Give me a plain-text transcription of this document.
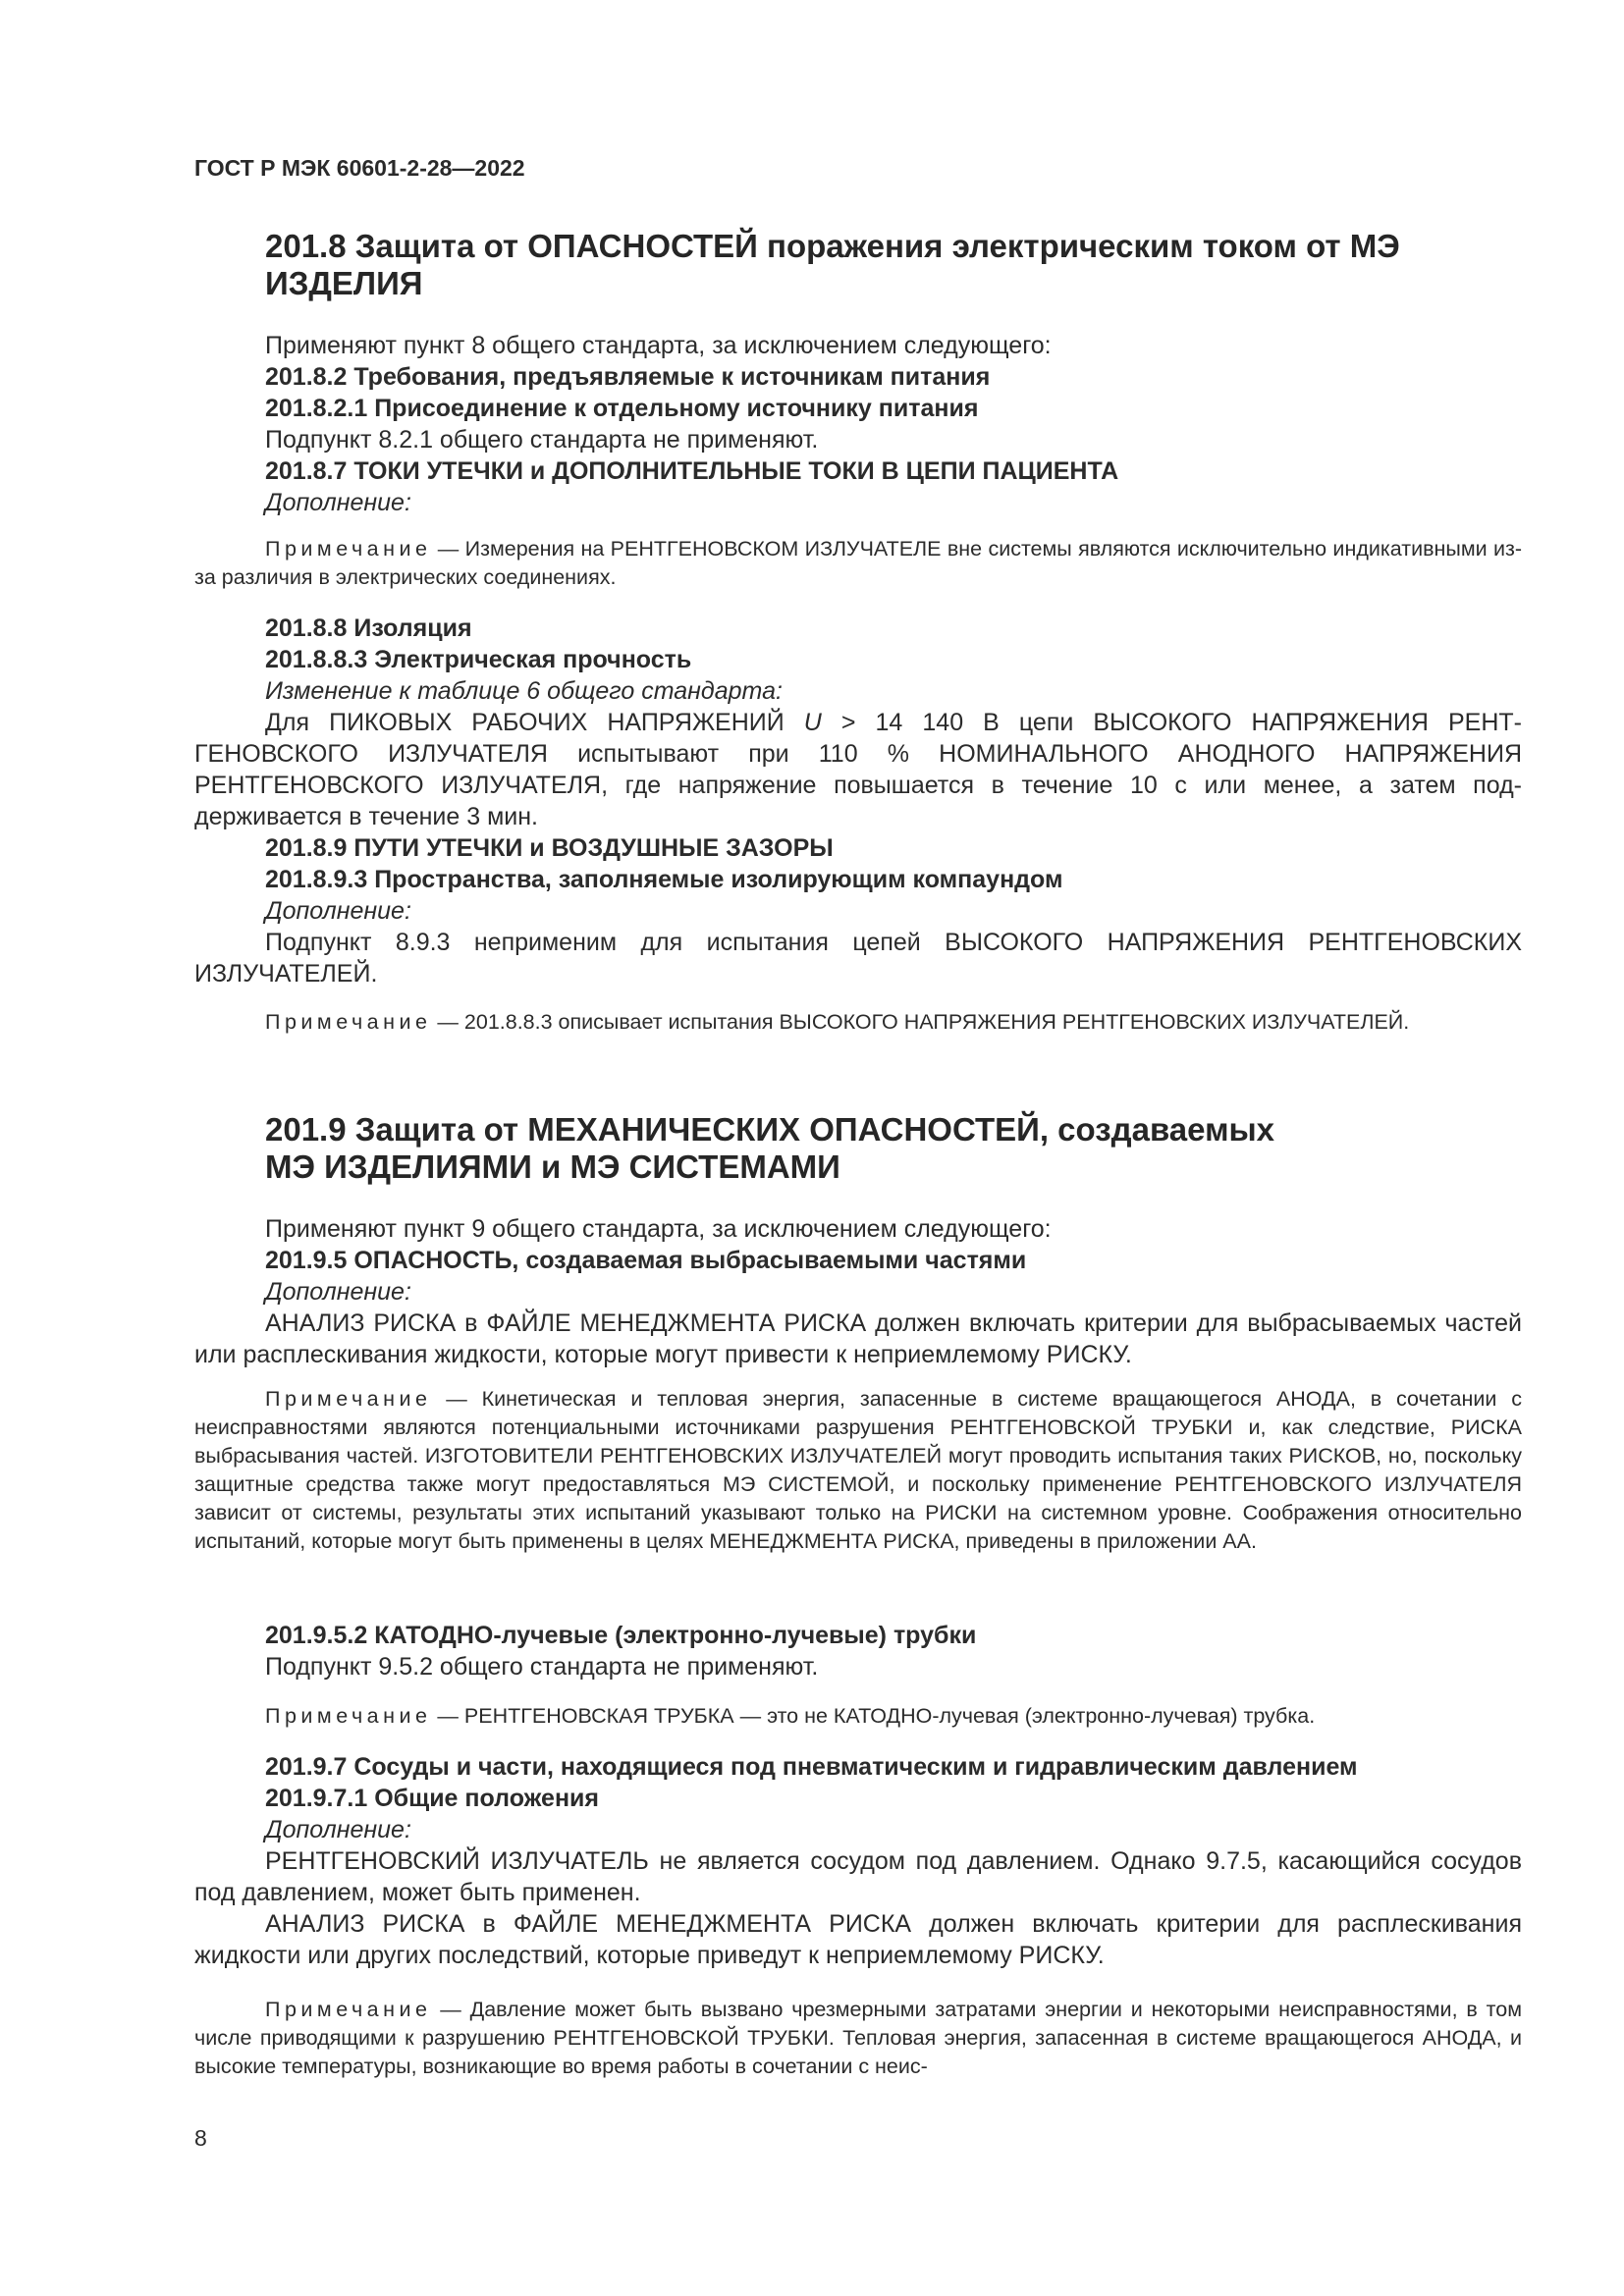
ГОСТ Р МЭК 60601-2-28—2022
201.8 Защита от ОПАСНОСТЕЙ поражения электрическим током от МЭ
ИЗДЕЛИЯ

Применяют пункт 8 общего стандарта, за исключением следующего:

201.8.2 Требования, предъявляемые к источникам питания

201.8.2.1 Присоединение к отдельному источнику питания

Подпункт 8.2.1 общего стандарта не применяют.

201.8.7 ТОКИ УТЕЧКИ и ДОПОЛНИТЕЛЬНЫЕ ТОКИ В ЦЕПИ ПАЦИЕНТА

Дополнение:

Примечание — Измерения на РЕНТГЕНОВСКОМ ИЗЛУЧАТЕЛЕ вне системы являются исключительно индикативными из-за различия в электрических соединениях.

201.8.8 Изоляция

201.8.8.3 Электрическая прочность

Изменение к таблице 6 общего стандарта:

Для ПИКОВЫХ РАБОЧИХ НАПРЯЖЕНИЙ U > 14 140 В цепи ВЫСОКОГО НАПРЯЖЕНИЯ РЕНТГЕНОВСКОГО ИЗЛУЧАТЕЛЯ испытывают при 110 % НОМИНАЛЬНОГО АНОДНОГО НАПРЯЖЕНИЯ РЕНТГЕНОВСКОГО ИЗЛУЧАТЕЛЯ, где напряжение повышается в течение 10 с или менее, а затем поддерживается в течение 3 мин.

201.8.9 ПУТИ УТЕЧКИ и ВОЗДУШНЫЕ ЗАЗОРЫ

201.8.9.3 Пространства, заполняемые изолирующим компаундом

Дополнение:

Подпункт 8.9.3 неприменим для испытания цепей ВЫСОКОГО НАПРЯЖЕНИЯ РЕНТГЕНОВСКИХ ИЗЛУЧАТЕЛЕЙ.

Примечание — 201.8.8.3 описывает испытания ВЫСОКОГО НАПРЯЖЕНИЯ РЕНТГЕНОВСКИХ ИЗЛУЧАТЕЛЕЙ.

201.9 Защита от МЕХАНИЧЕСКИХ ОПАСНОСТЕЙ, создаваемых
МЭ ИЗДЕЛИЯМИ и МЭ СИСТЕМАМИ

Применяют пункт 9 общего стандарта, за исключением следующего:

201.9.5 ОПАСНОСТЬ, создаваемая выбрасываемыми частями

Дополнение:

АНАЛИЗ РИСКА в ФАЙЛЕ МЕНЕДЖМЕНТА РИСКА должен включать критерии для выбрасываемых частей или расплескивания жидкости, которые могут привести к неприемлемому РИСКУ.

Примечание — Кинетическая и тепловая энергия, запасенные в системе вращающегося АНОДА, в сочетании с неисправностями являются потенциальными источниками разрушения РЕНТГЕНОВСКОЙ ТРУБКИ и, как следствие, РИСКА выбрасывания частей. ИЗГОТОВИТЕЛИ РЕНТГЕНОВСКИХ ИЗЛУЧАТЕЛЕЙ могут проводить испытания таких РИСКОВ, но, поскольку защитные средства также могут предоставляться МЭ СИСТЕМОЙ, и поскольку применение РЕНТГЕНОВСКОГО ИЗЛУЧАТЕЛЯ зависит от системы, результаты этих испытаний указывают только на РИСКИ на системном уровне. Соображения относительно испытаний, которые могут быть применены в целях МЕНЕДЖМЕНТА РИСКА, приведены в приложении АА.

201.9.5.2 КАТОДНО-лучевые (электронно-лучевые) трубки

Подпункт 9.5.2 общего стандарта не применяют.

Примечание — РЕНТГЕНОВСКАЯ ТРУБКА — это не КАТОДНО-лучевая (электронно-лучевая) трубка.

201.9.7 Сосуды и части, находящиеся под пневматическим и гидравлическим давлением

201.9.7.1 Общие положения

Дополнение:

РЕНТГЕНОВСКИЙ ИЗЛУЧАТЕЛЬ не является сосудом под давлением. Однако 9.7.5, касающийся сосудов под давлением, может быть применен.

АНАЛИЗ РИСКА в ФАЙЛЕ МЕНЕДЖМЕНТА РИСКА должен включать критерии для расплескивания жидкости или других последствий, которые приведут к неприемлемому РИСКУ.

Примечание — Давление может быть вызвано чрезмерными затратами энергии и некоторыми неисправностями, в том числе приводящими к разрушению РЕНТГЕНОВСКОЙ ТРУБКИ. Тепловая энергия, запасенная в системе вращающегося АНОДА, и высокие температуры, возникающие во время работы в сочетании с неис-

8
